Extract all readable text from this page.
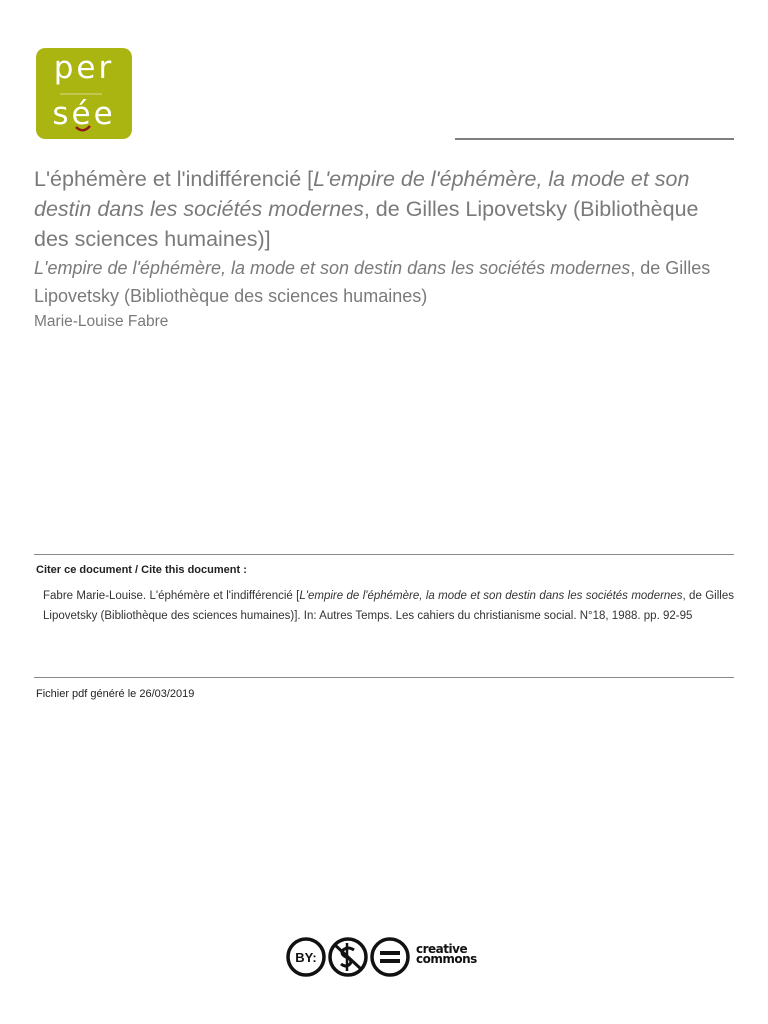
per
sée
L'éphémère et l'indifférencié [L'empire de l'éphémère, la mode et son destin dans les sociétés modernes, de Gilles Lipovetsky (Bibliothèque des sciences humaines)]
L'empire de l'éphémère, la mode et son destin dans les sociétés modernes, de Gilles Lipovetsky (Bibliothèque des sciences humaines)
Marie-Louise Fabre
Citer ce document / Cite this document :
Fabre Marie-Louise. L'éphémère et l'indifférencié [L'empire de l'éphémère, la mode et son destin dans les sociétés modernes, de Gilles Lipovetsky (Bibliothèque des sciences humaines)]. In: Autres Temps. Les cahiers du christianisme social. N°18, 1988. pp. 92-95
Fichier pdf généré le 26/03/2019
BY:
creative
commons
